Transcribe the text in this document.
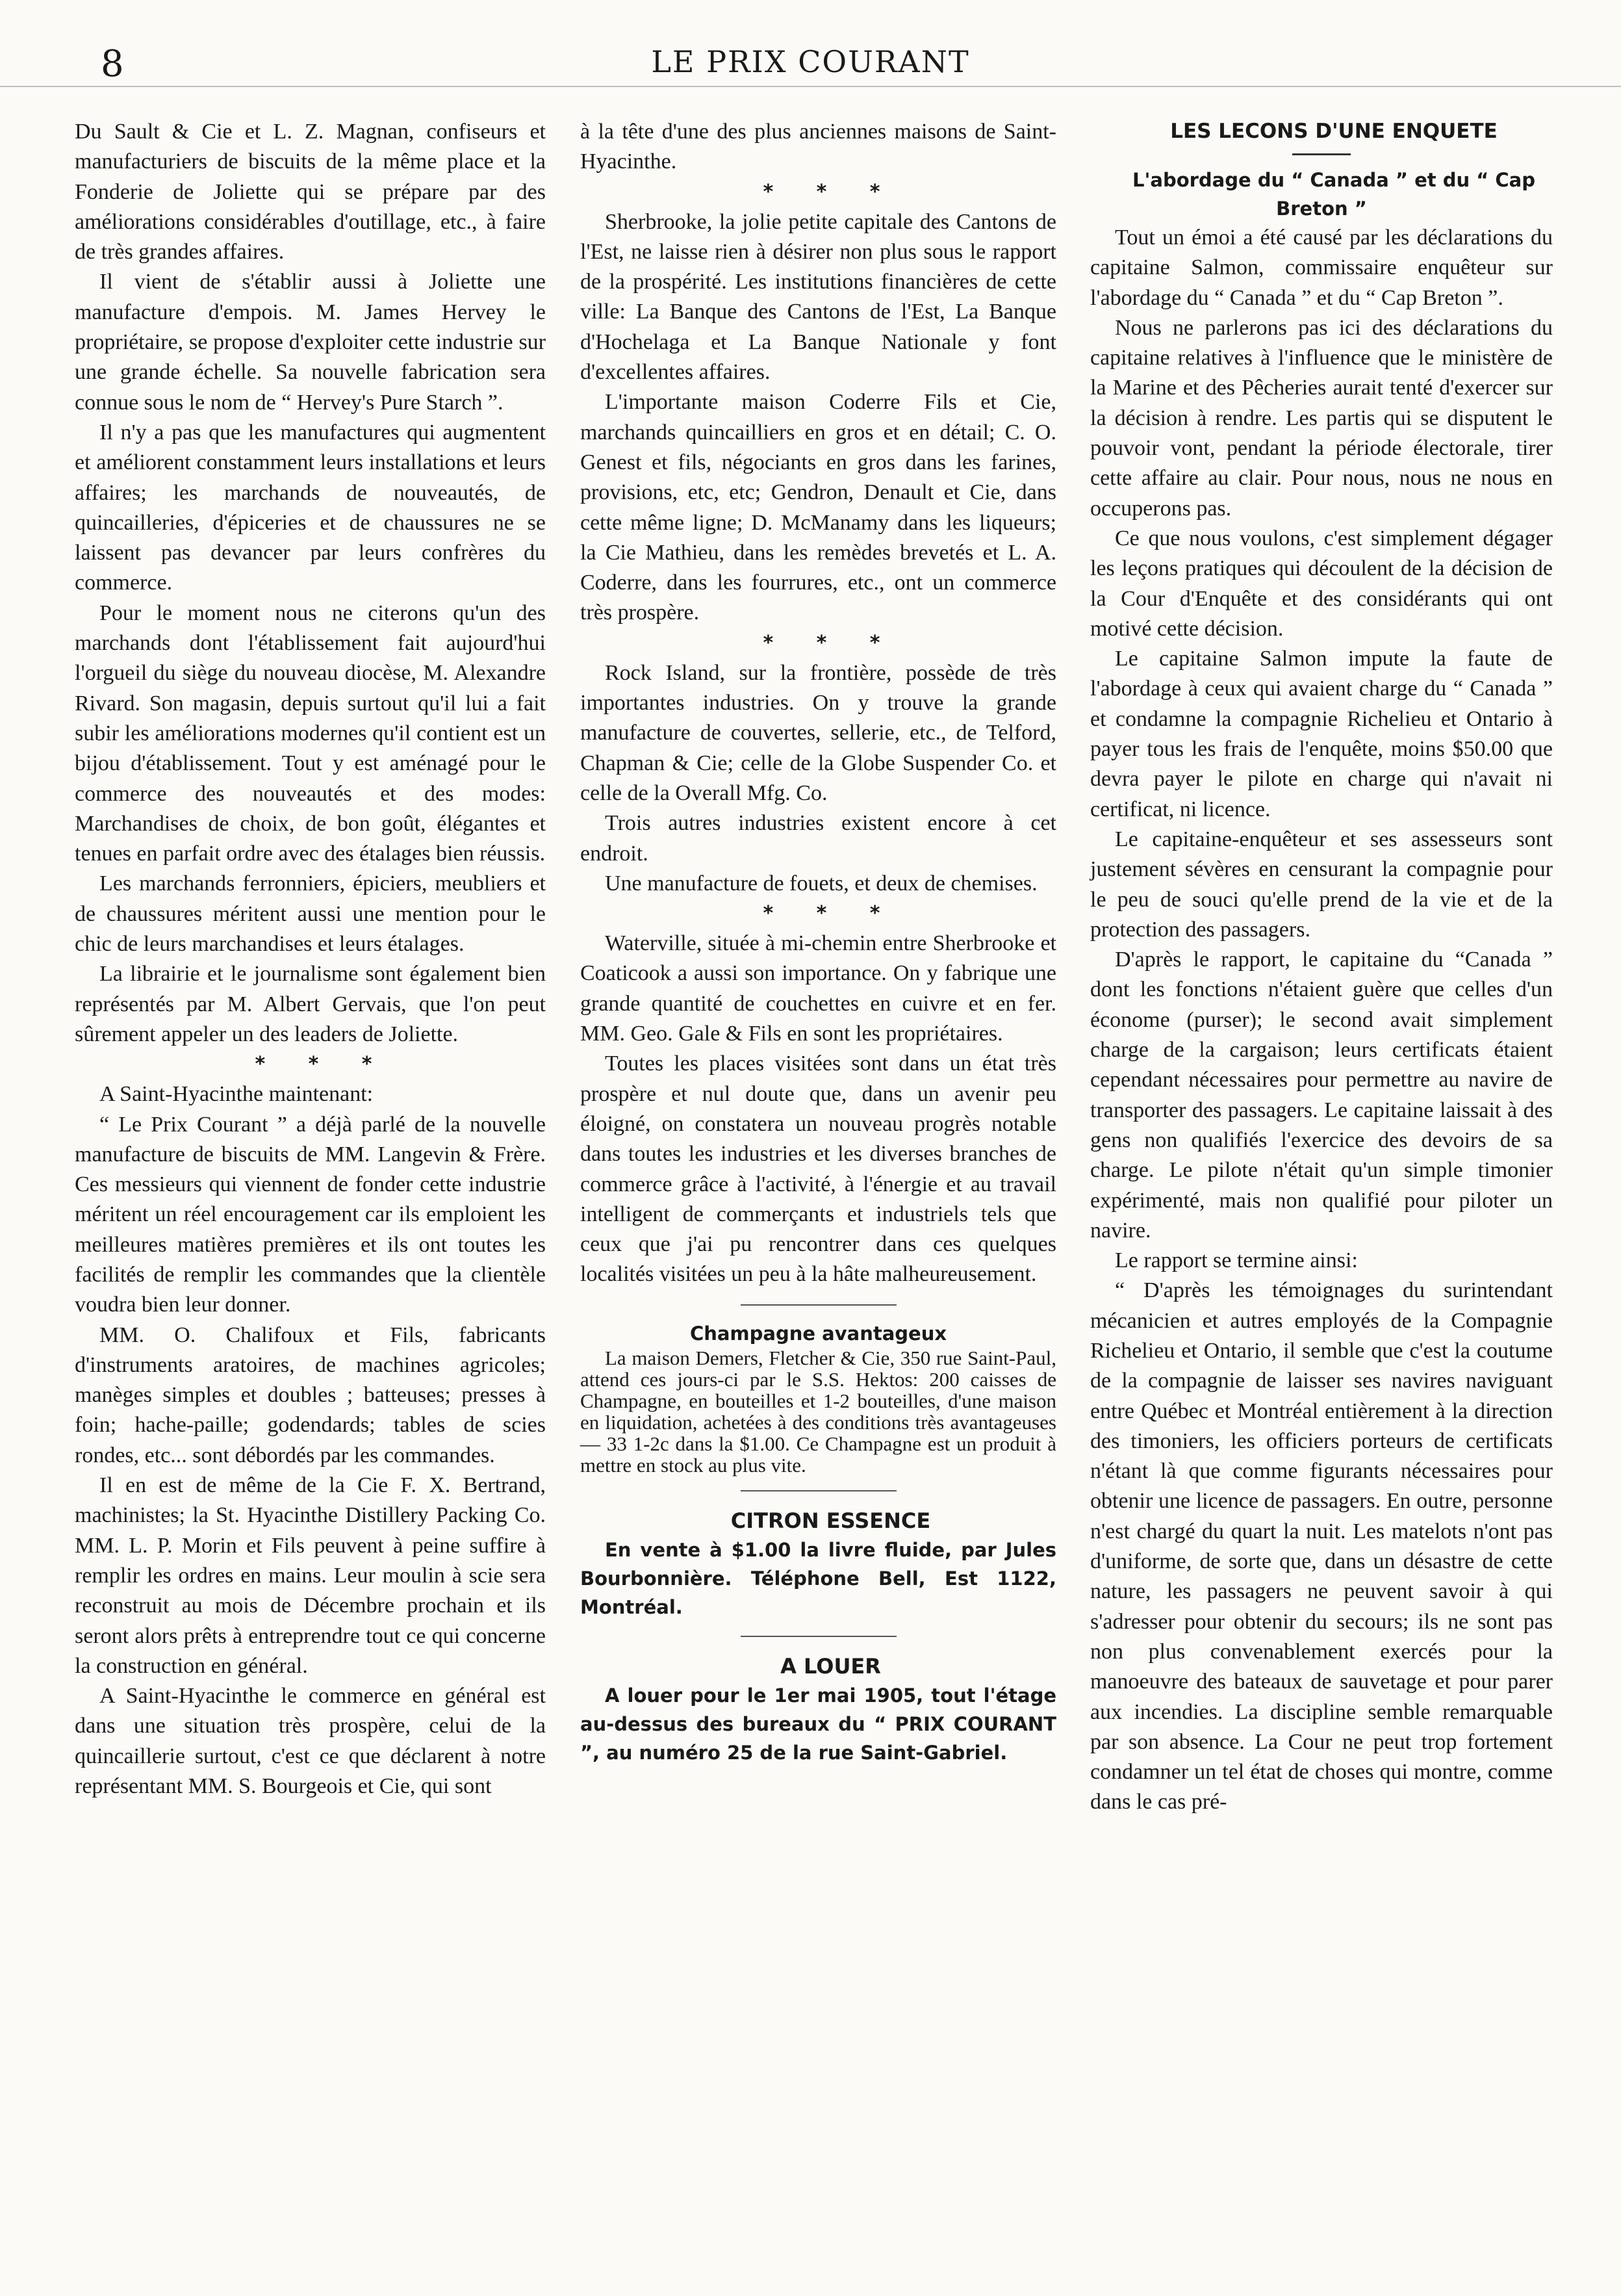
8	LE PRIX COURANT

Du Sault & Cie et L. Z. Magnan, confiseurs et manufacturiers de biscuits de la même place et la Fonderie de Joliette qui se prépare par des améliorations considérables d'outillage, etc., à faire de très grandes affaires.

Il vient de s'établir aussi à Joliette une manufacture d'empois. M. James Hervey le propriétaire, se propose d'exploiter cette industrie sur une grande échelle. Sa nouvelle fabrication sera connue sous le nom de “ Hervey's Pure Starch ”.

Il n'y a pas que les manufactures qui augmentent et améliorent constamment leurs installations et leurs affaires; les marchands de nouveautés, de quincailleries, d'épiceries et de chaussures ne se laissent pas devancer par leurs confrères du commerce.

Pour le moment nous ne citerons qu'un des marchands dont l'établissement fait aujourd'hui l'orgueil du siège du nouveau diocèse, M. Alexandre Rivard. Son magasin, depuis surtout qu'il lui a fait subir les améliorations modernes qu'il contient est un bijou d'établissement. Tout y est aménagé pour le commerce des nouveautés et des modes: Marchandises de choix, de bon goût, élégantes et tenues en parfait ordre avec des étalages bien réussis.

Les marchands ferronniers, épiciers, meubliers et de chaussures méritent aussi une mention pour le chic de leurs marchandises et leurs étalages.

La librairie et le journalisme sont également bien représentés par M. Albert Gervais, que l'on peut sûrement appeler un des leaders de Joliette.

* * *

A Saint-Hyacinthe maintenant:

“ Le Prix Courant ” a déjà parlé de la nouvelle manufacture de biscuits de MM. Langevin & Frère. Ces messieurs qui viennent de fonder cette industrie méritent un réel encouragement car ils emploient les meilleures matières premières et ils ont toutes les facilités de remplir les commandes que la clientèle voudra bien leur donner.

MM. O. Chalifoux et Fils, fabricants d'instruments aratoires, de machines agricoles; manèges simples et doubles ; batteuses; presses à foin; hache-paille; godendards; tables de scies rondes, etc... sont débordés par les commandes.

Il en est de même de la Cie F. X. Bertrand, machinistes; la St. Hyacinthe Distillery Packing Co. MM. L. P. Morin et Fils peuvent à peine suffire à remplir les ordres en mains. Leur moulin à scie sera reconstruit au mois de Décembre prochain et ils seront alors prêts à entreprendre tout ce qui concerne la construction en général.

A Saint-Hyacinthe le commerce en général est dans une situation très prospère, celui de la quincaillerie surtout, c'est ce que déclarent à notre représentant MM. S. Bourgeois et Cie, qui sont

à la tête d'une des plus anciennes maisons de Saint-Hyacinthe.

* * *

Sherbrooke, la jolie petite capitale des Cantons de l'Est, ne laisse rien à désirer non plus sous le rapport de la prospérité. Les institutions financières de cette ville: La Banque des Cantons de l'Est, La Banque d'Hochelaga et La Banque Nationale y font d'excellentes affaires.

L'importante maison Coderre Fils et Cie, marchands quincailliers en gros et en détail; C. O. Genest et fils, négociants en gros dans les farines, provisions, etc, etc; Gendron, Denault et Cie, dans cette même ligne; D. McManamy dans les liqueurs; la Cie Mathieu, dans les remèdes brevetés et L. A. Coderre, dans les fourrures, etc., ont un commerce très prospère.

* * *

Rock Island, sur la frontière, possède de très importantes industries. On y trouve la grande manufacture de couvertes, sellerie, etc., de Telford, Chapman & Cie; celle de la Globe Suspender Co. et celle de la Overall Mfg. Co.

Trois autres industries existent encore à cet endroit.

Une manufacture de fouets, et deux de chemises.

* * *

Waterville, située à mi-chemin entre Sherbrooke et Coaticook a aussi son importance. On y fabrique une grande quantité de couchettes en cuivre et en fer. MM. Geo. Gale & Fils en sont les propriétaires.

Toutes les places visitées sont dans un état très prospère et nul doute que, dans un avenir peu éloigné, on constatera un nouveau progrès notable dans toutes les industries et les diverses branches de commerce grâce à l'activité, à l'énergie et au travail intelligent de commerçants et industriels tels que ceux que j'ai pu rencontrer dans ces quelques localités visitées un peu à la hâte malheureusement.

Champagne avantageux

La maison Demers, Fletcher & Cie, 350 rue Saint-Paul, attend ces jours-ci par le S.S. Hektos: 200 caisses de Champagne, en bouteilles et 1-2 bouteilles, d'une maison en liquidation, achetées à des conditions très avantageuses — 33 1-2c dans la $1.00. Ce Champagne est un produit à mettre en stock au plus vite.

CITRON ESSENCE

En vente à $1.00 la livre fluide, par Jules Bourbonnière. Téléphone Bell, Est 1122, Montréal.

A LOUER

A louer pour le 1er mai 1905, tout l'étage au-dessus des bureaux du “ PRIX COURANT ”, au numéro 25 de la rue Saint-Gabriel.

LES LECONS D'UNE ENQUETE

L'abordage du “ Canada ” et du “ Cap Breton ”

Tout un émoi a été causé par les déclarations du capitaine Salmon, commissaire enquêteur sur l'abordage du “ Canada ” et du “ Cap Breton ”.

Nous ne parlerons pas ici des déclarations du capitaine relatives à l'influence que le ministère de la Marine et des Pêcheries aurait tenté d'exercer sur la décision à rendre. Les partis qui se disputent le pouvoir vont, pendant la période électorale, tirer cette affaire au clair. Pour nous, nous ne nous en occuperons pas.

Ce que nous voulons, c'est simplement dégager les leçons pratiques qui découlent de la décision de la Cour d'Enquête et des considérants qui ont motivé cette décision.

Le capitaine Salmon impute la faute de l'abordage à ceux qui avaient charge du “ Canada ” et condamne la compagnie Richelieu et Ontario à payer tous les frais de l'enquête, moins $50.00 que devra payer le pilote en charge qui n'avait ni certificat, ni licence.

Le capitaine-enquêteur et ses assesseurs sont justement sévères en censurant la compagnie pour le peu de souci qu'elle prend de la vie et de la protection des passagers.

D'après le rapport, le capitaine du “Canada ” dont les fonctions n'étaient guère que celles d'un économe (purser); le second avait simplement charge de la cargaison; leurs certificats étaient cependant nécessaires pour permettre au navire de transporter des passagers. Le capitaine laissait à des gens non qualifiés l'exercice des devoirs de sa charge. Le pilote n'était qu'un simple timonier expérimenté, mais non qualifié pour piloter un navire.

Le rapport se termine ainsi:

“ D'après les témoignages du surintendant mécanicien et autres employés de la Compagnie Richelieu et Ontario, il semble que c'est la coutume de la compagnie de laisser ses navires naviguant entre Québec et Montréal entièrement à la direction des timoniers, les officiers porteurs de certificats n'étant là que comme figurants nécessaires pour obtenir une licence de passagers. En outre, personne n'est chargé du quart la nuit. Les matelots n'ont pas d'uniforme, de sorte que, dans un désastre de cette nature, les passagers ne peuvent savoir à qui s'adresser pour obtenir du secours; ils ne sont pas non plus convenablement exercés pour la manoeuvre des bateaux de sauvetage et pour parer aux incendies. La discipline semble remarquable par son absence. La Cour ne peut trop fortement condamner un tel état de choses qui montre, comme dans le cas pré-
